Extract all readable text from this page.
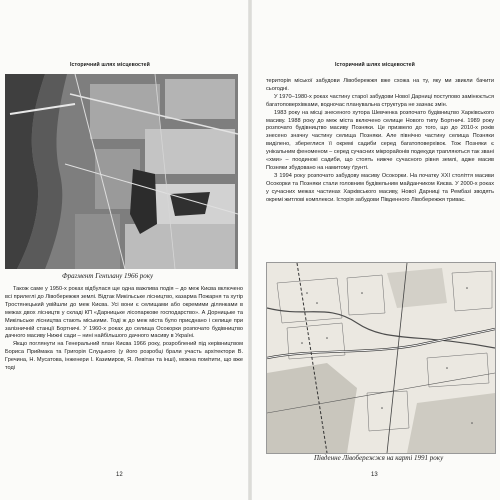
Історичний шлях місцевостей
Фрагмент Генплану 1966 року

Також саме у 1950-х роках відбулася ще одна важлива подія – до меж Києва включено всі прилеглі до Лівобережжя землі. Відтак Микільське лісництво, казарма Пожарня та хутір Тростянецький увійшли до меж Києва. Усі вони є селищами або окремими ділянками в межах двох лісництв у складі КП «Дарницьке лісопаркове господарство». А Дорницьке та Микільське лісництва стають міськими. Тоді ж до меж міста було приєднано і селище при залізничній станції Бортничі. У 1960-х роках до селища Осокорки розпочато будівництво дачного масиву Нижні сади – нині найбільшого дачного масиву в Україні.

Якщо поглянути на Генеральний план Києва 1966 року, розроблений під керівництвом Бориса Приймака та Григорія Слуцького (у його розробці брали участь архітектори В. Гречина, Н. Мусатова, інженери І. Казимиров, Я. Левітан та інші), можна помітити, що вже тоді

12
Історичний шлях місцевостей

територія міської забудови Лівобережжя вже схожа на ту, яку ми звикли бачити сьогодні.

У 1970–1980-х роках частину старої забудови Нової Дарниці поступово замінюється багатоповерхівками, водночас планувальна структура не зазнає змін.

1983 року на місці знесеного хутора Шевченка розпочато будівництво Харківського масиву. 1988 року до меж міста включено селище Нового типу Бортничі. 1989 року розпочато будівництво масиву Позняки. Це призвело до того, що до 2010-х років знесено значну частину селища Позняки. Але північно частину селища Позняки виділено, збереглися її окремі садиби серед багатоповерхівок. Тож Позняки є унікальним феноменом – серед сучасних мікрорайонів подекуди трапляються так звані «хми» – поодинокі садиби, що стоять нижче сучасного рівня землі, адже масив Позняки збудовано на намитому ґрунті.

З 1994 року розпочато забудову масиву Осокорки. На початку XXI століття масиви Осокорки та Позняки стали головним будівельним майданчиком Києва. У 2000-х роках у сучасних межах частинах Харківського масиву, Нової Дарниці та Рембазі зводять окремі житлові комплекси. Історія забудови Південного Лівобережжя триває.

Південне Лівобережжя на карті 1991 року
13
